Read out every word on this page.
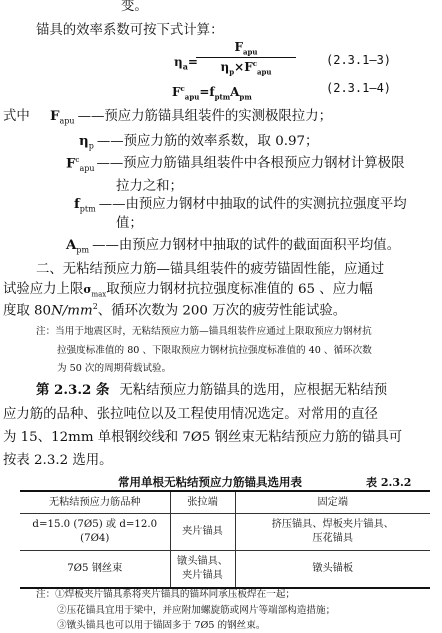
变。
锚具的效率系数可按下式计算：
$\eta_a=$
$F_{apu}$
$\eta_p\times F^c_{apu}$
(2.3.1—3)
$F^c_{apu}=f_{ptm}A_{pm}$
(2.3.1—4)
式中 $F_{apu}$ ——预应力筋锚具组装件的实测极限拉力；
$\eta_p$ ——预应力筋的效率系数，取 0.97；
$F^c_{apu}$ ——预应力筋锚具组装件中各根预应力钢材计算极限
拉力之和；
$f_{ptm}$ ——由预应力钢材中抽取的试件的实测抗拉强度平均
值；
$A_{pm}$ ——由预应力钢材中抽取的试件的截面面积平均值。
二、无粘结预应力筋—锚具组装件的疲劳锚固性能，应通过
试验应力上限$\sigma_{max}$取预应力钢材抗拉强度标准值的 65 、应力幅
度取 $80N/mm^2$、循环次数为 200 万次的疲劳性能试验。
注：当用于地震区时，无粘结预应力筋—锚具组装件应通过上限取预应力钢材抗
拉强度标准值的 80 、下限取预应力钢材抗拉强度标准值的 40 、循环次数
为 50 次的周期荷载试验。
第 2.3.2 条 无粘结预应力筋锚具的选用，应根据无粘结预
应力筋的品种、张拉吨位以及工程使用情况选定。对常用的直径
为 15、12mm 单根钢绞线和 7Ø5 钢丝束无粘结预应力筋的锚具可
按表 2.3.2 选用。
常用单根无粘结预应力筋锚具选用表	表 2.3.2
无粘结预应力筋品种	张拉端	固定端
d=15.0 (7Ø5) 或 d=12.0 (7Ø4)	夹片锚具	挤压锚具、焊板夹片锚具、
压花锚具
7Ø5 钢丝束	镦头锚具、
夹片锚具	镦头锚板
注：①焊板夹片锚具系将夹片锚具的锚环同承压板焊在一起；
②压花锚具宜用于梁中，并应附加螺旋筋或网片等端部构造措施；
③镦头锚具也可以用于锚固多于 7Ø5 的钢丝束。
